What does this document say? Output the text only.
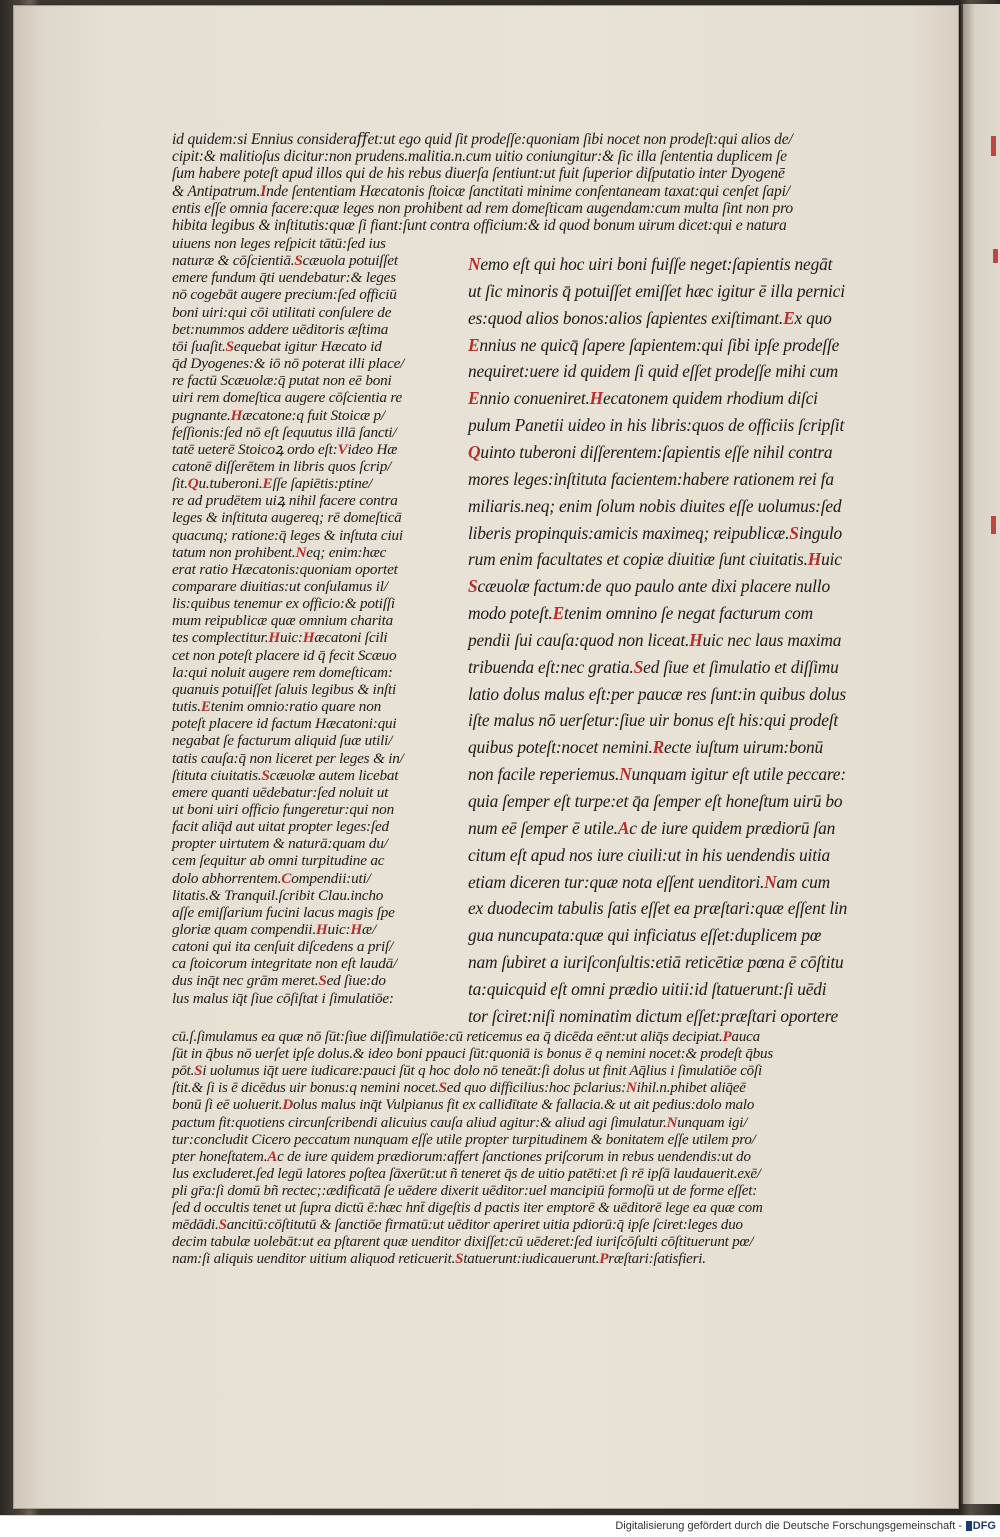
id quidem:si Ennius consideraﬀet:ut ego quid ſit prodeſſe:quoniam ſibi nocet non prodeſt:qui alios de/
cipit:& malitioſus dicitur:non prudens.malitia.n.cum uitio coniungitur:& ſic illa ſententia duplicem ſe
ſum habere poteſt apud illos qui de his rebus diuerſa ſentiunt:ut fuit ſuperior diſputatio inter Dyogenē
& Antipatrum.Inde ſententiam Hæcatonis ſtoicæ ſanctitati minime conſentaneam taxat:qui cenſet ſapi/
entis eſſe omnia facere:quæ leges non prohibent ad rem domeſticam augendam:cum multa ſint non pro
hibita legibus & inſtitutis:quæ ſi fiant:ſunt contra officium:& id quod bonum uirum dicet:qui e natura
uiuens non leges reſpicit tātū:ſed ius
naturæ & cōſcientiā.Scæuola potuiſſet
emere fundum qti uendebatur:& leges
nō cogebāt augere precium:ſed officiū
boni uiri:qui cōi utilitati conſulere de
bet:nummos addere uēditoris æſtima
tōi ſuaſit.Sequebat igitur Hæcato id
qd Dyogenes:& iō nō poterat illi place/
re factū Scæuolæ:q putat non eē boni
uiri rem domeſtica augere cōſcientia re
pugnante.Hæcatone:q fuit Stoicæ p/
feſſionis:ſed nō eſt ſequutus illā ſancti/
tatē ueterē Stoicoꝝ ordo eſt:Video Hæ
catonē diſſerētem in libris quos ſcrip/
ſit.Qu.tuberoni.Eſſe ſapiētis:ptine/
re ad prudētem uiꝝ nihil facere contra
leges & inſtituta augereq; rē domeſticā
quacunq; ratione:q leges & inſtuta ciui
tatum non prohibent.Neq; enim:hæc
erat ratio Hæcatonis:quoniam oportet
comparare diuitias:ut conſulamus il/
lis:quibus tenemur ex officio:& potiſſi
mum reipublicæ quæ omnium charita
tes complectitur.Huic:Hæcatoni ſcili
cet non poteſt placere id q fecit Scæuo
la:qui noluit augere rem domeſticam:
quanuis potuiſſet ſaluis legibus & inſti
tutis.Etenim omnio:ratio quare non
poteſt placere id factum Hæcatoni:qui
negabat ſe facturum aliquid ſuæ utili/
tatis cauſa:q non liceret per leges & in/
ſtituta ciuitatis.Scæuolæ autem licebat
emere quanti uēdebatur:ſed noluit ut
ut boni uiri officio fungeretur:qui non
facit aliqd aut uitat propter leges:ſed
propter uirtutem & naturā:quam du/
cem ſequitur ab omni turpitudine ac
dolo abhorrentem.Compendii:uti/
litatis.& Tranquil.ſcribit Clau.incho
aſſe emiſſarium fucini lacus magis ſpe
gloriæ quam compendii.Huic:Hæ/
catoni qui ita cenſuit diſcedens a priſ/
ca ſtoicorum integritate non eſt laudā/
dus inqt nec grām meret.Sed ſiue:do
lus malus iqt ſiue cōſiſtat i ſimulatiōe:
Nemo eſt qui hoc uiri boni fuiſſe neget:ſapientis negāt
ut ſic minoris q potuiſſet emiſſet hæc igitur ē illa pernici
es:quod alios bonos:alios ſapientes exiſtimant.Ex quo
Ennius ne quicq ſapere ſapientem:qui ſibi ipſe prodeſſe
nequiret:uere id quidem ſi quid eſſet prodeſſe mihi cum
Ennio conueniret.Hecatonem quidem rhodium diſci
pulum Panetii uideo in his libris:quos de officiis ſcripſit
Quinto tuberoni diſſerentem:ſapientis eſſe nihil contra
mores leges:inſtituta facientem:habere rationem rei fa
miliaris.neq; enim ſolum nobis diuites eſſe uolumus:ſed
liberis propinquis:amicis maximeq; reipublicæ.Singulo
rum enim facultates et copiæ diuitiæ ſunt ciuitatis.Huic
Scæuolæ factum:de quo paulo ante dixi placere nullo
modo poteſt.Etenim omnino ſe negat facturum com
pendii ſui cauſa:quod non liceat.Huic nec laus maxima
tribuenda eſt:nec gratia.Sed ſiue et ſimulatio et diſſimu
latio dolus malus eſt:per paucæ res ſunt:in quibus dolus
iſte malus nō uerſetur:ſiue uir bonus eſt his:qui prodeſt
quibus poteſt:nocet nemini.Recte iuſtum uirum:bonū
non facile reperiemus.Nunquam igitur eſt utile peccare:
quia ſemper eſt turpe:et qa ſemper eſt honeſtum uirū bo
num eē ſemper ē utile.Ac de iure quidem prædiorū ſan
citum eſt apud nos iure ciuili:ut in his uendendis uitia
etiam diceren tur:quæ nota eſſent uenditori.Nam cum
ex duodecim tabulis ſatis eſſet ea præſtari:quæ eſſent lin
gua nuncupata:quæ qui inficiatus eſſet:duplicem pœ
nam ſubiret a iuriſconſultis:etiā reticētiæ pœna ē cōſtitu
ta:quicquid eſt omni prædio uitii:id ſtatuerunt:ſi uēdi
tor ſciret:niſi nominatim dictum eſſet:præſtari oportere
cū.ſ.ſimulamus ea quæ nō ſūt:ſiue diſſimulatiōe:cū reticemus ea q dicēda eēnt:ut aliqs decipiat.Pauca
ſūt in qbus nō uerſet ipſe dolus.& ideo boni ppauci ſūt:quoniā is bonus ē q nemini nocet:& prodeſt qbus
pōt.Si uolumus iqt uere iudicare:pauci ſūt q hoc dolo nō teneāt:ſi dolus ut finit Aqlius i ſimulatiōe cōſi
ſtit.& ſi is ē dicēdus uir bonus:q nemini nocet.Sed quo difficilius:hoc pclarius:Nihil.n.phibet aliqeē
bonū ſi eē uoluerit.Dolus malus inqt Vulpianus fit ex callidītate & fallacia.& ut ait pedius:dolo malo
pactum fit:quotiens circunſcribendi alicuius cauſa aliud agitur:& aliud agi ſimulatur.Nunquam igi/
tur:concludit Cicero peccatum nunquam eſſe utile propter turpitudinem & bonitatem eſſe utilem pro/
pter honeſtatem.Ac de iure quidem prædiorum:affert ſanctiones priſcorum in rebus uendendis:ut do
lus excluderet.ſed legū latores poſtea ſāxerūt:ut ñ teneret qs de uitio patēti:et ſi rē ipſā laudauerit.exē/
pli gra:ſi domū bñ rectec;:ædificatā ſe uēdere dixerit uēditor:uel mancipiū formoſū ut de forme eſſet:
ſed d occultis tenet ut ſupra dictū ē:hæc hnt digeſtis d pactis iter emptorē & uēditorē lege ea quæ com
mēdādi.Sancitū:cōſtitutū & ſanctiōe firmatū:ut uēditor aperiret uitia pdiorū:q ipſe ſciret:leges duo
decim tabulæ uolebāt:ut ea pſtarent quæ uenditor dixiſſet:cū uēderet:ſed iuriſcōſulti cōſtituerunt pœ/
nam:ſi aliquis uenditor uitium aliquod reticuerit.Statuerunt:iudicauerunt.Præſtari:ſatisfieri.
Digitalisierung gefördert durch die Deutsche Forschungsgemeinschaft - DFG
